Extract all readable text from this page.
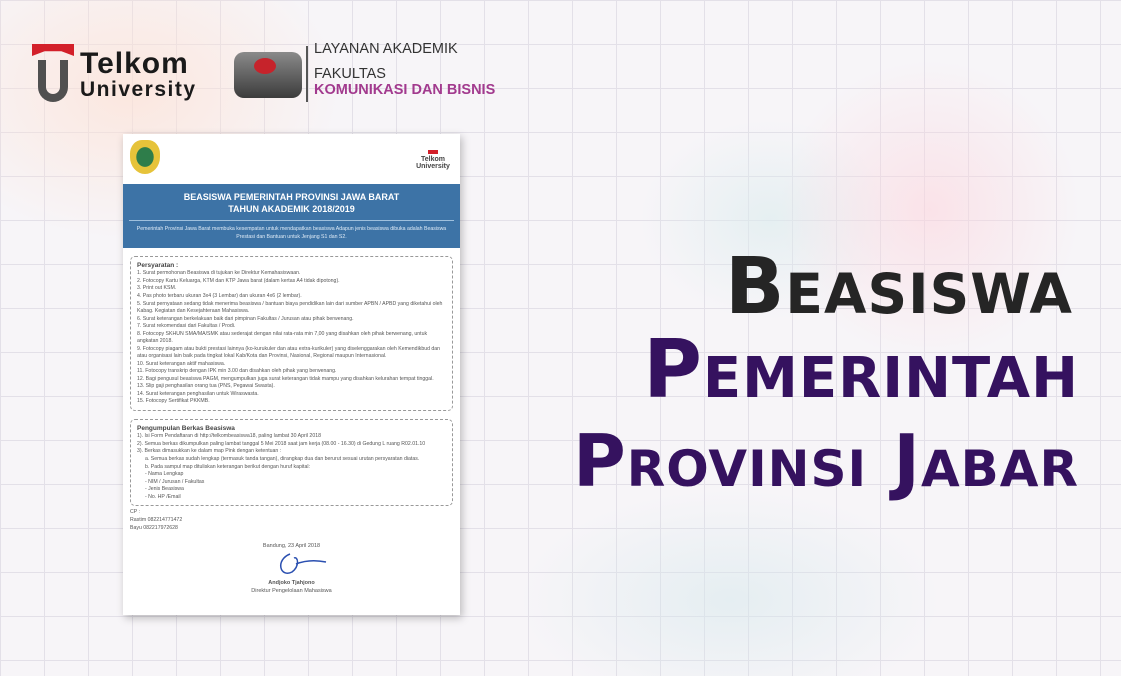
Telkom
University
LAYANAN AKADEMIK
FAKULTAS
KOMUNIKASI DAN BISNIS
Telkom University
BEASISWA PEMERINTAH PROVINSI JAWA BARAT
TAHUN AKADEMIK 2018/2019
Pemerintah Provinsi Jawa Barat membuka kesempatan untuk mendapatkan beasiswa Adapun jenis beasiswa dibuka adalah Beasiswa Prestasi dan Bantuan untuk Jenjang S1 dan S2.
Persyaratan :
1. Surat permohonan Beasiswa di tujukan ke Direktur Kemahasiswaan.
2. Fotocopy Kartu Keluarga, KTM dan KTP Jawa barat (dalam kertas A4 tidak dipotong).
3. Print out KSM.
4. Pas photo terbaru ukuran 3x4 (3 Lembar) dan ukuran 4x6 (2 lembar).
5. Surat pernyataan sedang tidak menerima beasiswa / bantuan biaya pendidikan lain dari sumber APBN / APBD yang diketahui oleh Kabag. Kegiatan dan Kesejahteraan Mahasiswa.
6. Surat keterangan berkelakuan baik dari pimpinan Fakultas / Jurusan atau pihak berwenang.
7. Surat rekomendasi dari Fakultas / Prodi.
8. Fotocopy SKHUN SMA/MA/SMK atau sederajat dengan nilai rata-rata min 7,00 yang disahkan oleh pihak berwenang, untuk angkatan 2018.
9. Fotocopy piagam atau bukti prestasi lainnya (ko-kurukuler dan atau extra-kurikuler) yang diselenggarakan oleh Kemendikbud dan atau organisasi lain baik pada tingkat lokal Kab/Kota dan Provinsi, Nasional, Regional maupun Internasional.
10. Surat keterangan aktif mahasiswa.
11. Fotocopy transkrip dengan IPK min 3.00 dan disahkan oleh pihak yang berwenang.
12. Bagi pengusul beasiswa PAGM, mengumpulkan juga surat keterangan tidak mampu yang disahkan kelurahan tempat tinggal.
13. Slip gaji penghasilan orang tua (PNS, Pegawai Swasta).
14. Surat keterangan penghasilan untuk Wiraswasta.
15. Fotocopy Sertifikat PKKMB.
Pengumpulan Berkas Beasiswa
1). Isi Form Pendaftaran di http://telkombeasiswa18, paling lambat 30 April 2018
2). Semua berkas dikumpulkan paling lambat tanggal 5 Mei 2018 saat jam kerja (08.00 - 16.30) di Gedung L ruang R02.01.10
3). Berkas dimasukkan ke dalam map Pink dengan ketentuan :
a. Semua berkas sudah lengkap (termasuk tanda tangan), dirangkap dua dan berurut sesuai urutan persyaratan diatas.
b. Pada sampul map dituliskan keterangan berikut dengan huruf kapital:
- Nama Lengkap
- NIM / Jurusan / Fakultas
- Jenis Beasiswa
- No. HP /Email
CP :
Rastim 082214771472
Bayu 082217972628
Bandung, 23 April 2018
Andjoko Tjahjono
Direktur Pengelolaan Mahasiswa
Beasiswa
Pemerintah
Provinsi Jabar
